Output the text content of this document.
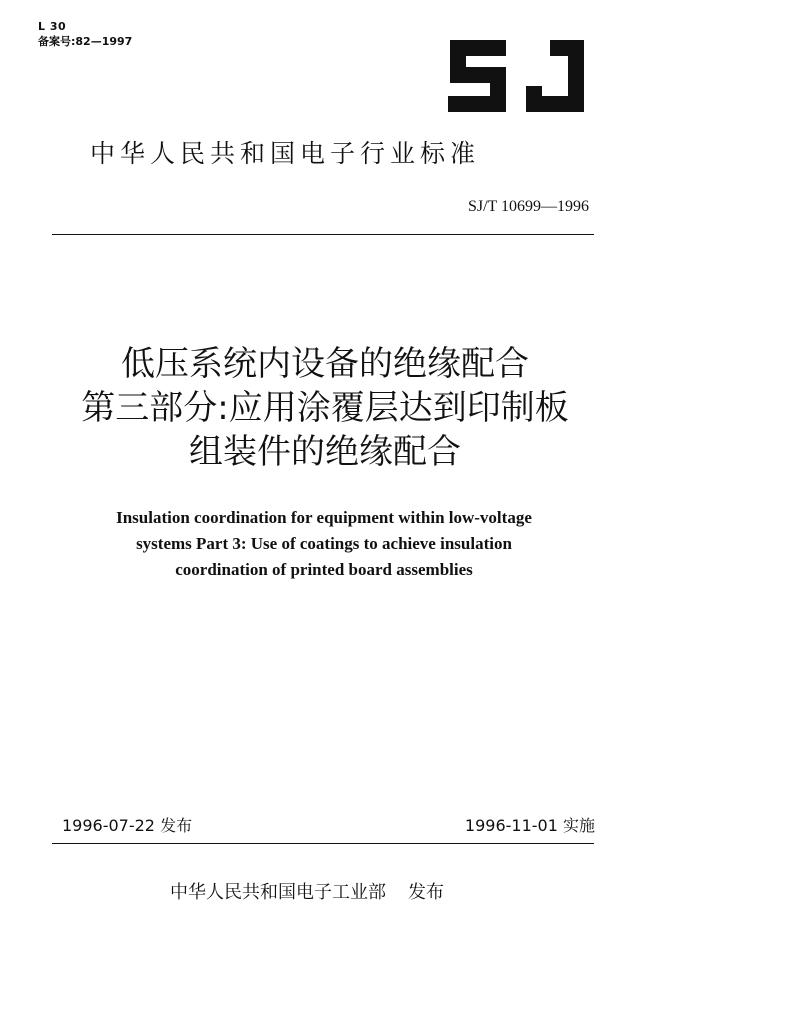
L 30
备案号:82—1997
中华人民共和国电子行业标准
SJ/T 10699—1996
低压系统内设备的绝缘配合
第三部分:应用涂覆层达到印制板
组装件的绝缘配合
Insulation coordination for equipment within low-voltage
systems Part 3: Use of coatings to achieve insulation
coordination of printed board assemblies
1996-07-22 发布	1996-11-01 实施
中华人民共和国电子工业部 发布
